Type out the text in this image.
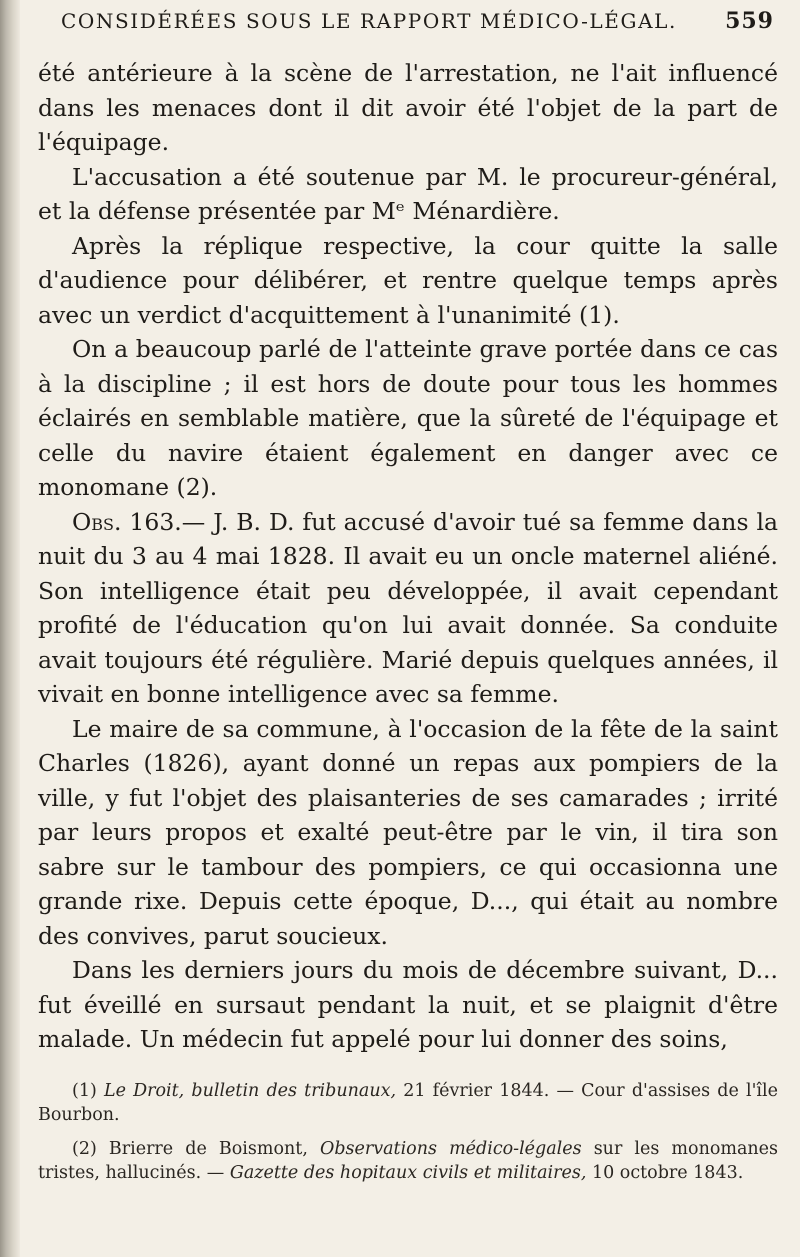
CONSIDÉRÉES SOUS LE RAPPORT MÉDICO-LÉGAL. 559

été antérieure à la scène de l'arrestation, ne l'ait influencé dans les menaces dont il dit avoir été l'objet de la part de l'équipage.

L'accusation a été soutenue par M. le procureur-général, et la défense présentée par Mᵉ Ménardière.

Après la réplique respective, la cour quitte la salle d'audience pour délibérer, et rentre quelque temps après avec un verdict d'acquittement à l'unanimité (1).

On a beaucoup parlé de l'atteinte grave portée dans ce cas à la discipline ; il est hors de doute pour tous les hommes éclairés en semblable matière, que la sûreté de l'équipage et celle du navire étaient également en danger avec ce monomane (2).

Obs. 163.— J. B. D. fut accusé d'avoir tué sa femme dans la nuit du 3 au 4 mai 1828. Il avait eu un oncle maternel aliéné. Son intelligence était peu développée, il avait cependant profité de l'éducation qu'on lui avait donnée. Sa conduite avait toujours été régulière. Marié depuis quelques années, il vivait en bonne intelligence avec sa femme.

Le maire de sa commune, à l'occasion de la fête de la saint Charles (1826), ayant donné un repas aux pompiers de la ville, y fut l'objet des plaisanteries de ses camarades ; irrité par leurs propos et exalté peut-être par le vin, il tira son sabre sur le tambour des pompiers, ce qui occasionna une grande rixe. Depuis cette époque, D..., qui était au nombre des convives, parut soucieux.

Dans les derniers jours du mois de décembre suivant, D... fut éveillé en sursaut pendant la nuit, et se plaignit d'être malade. Un médecin fut appelé pour lui donner des soins,

(1) Le Droit, bulletin des tribunaux, 21 février 1844. — Cour d'assises de l'île Bourbon.

(2) Brierre de Boismont, Observations médico-légales sur les monomanes tristes, hallucinés. — Gazette des hopitaux civils et militaires, 10 octobre 1843.
